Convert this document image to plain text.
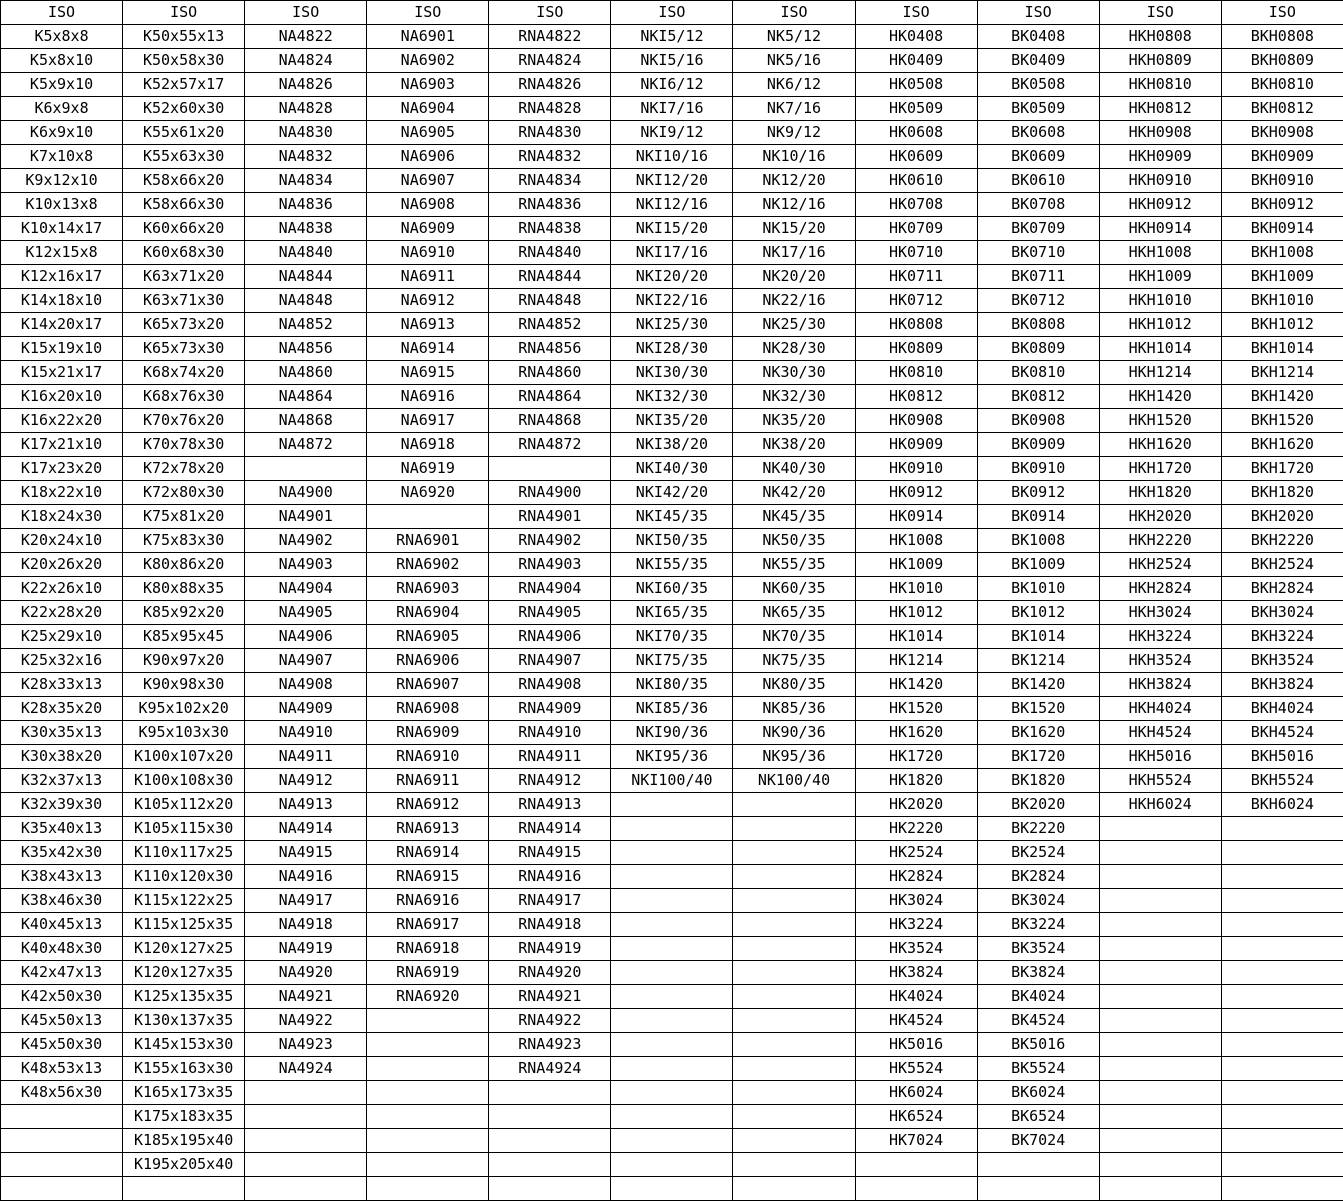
ISO	ISO	ISO	ISO	ISO	ISO	ISO	ISO	ISO	ISO	ISO
K5x8x8	K50x55x13	NA4822	NA6901	RNA4822	NKI5/12	NK5/12	HK0408	BK0408	HKH0808	BKH0808
K5x8x10	K50x58x30	NA4824	NA6902	RNA4824	NKI5/16	NK5/16	HK0409	BK0409	HKH0809	BKH0809
K5x9x10	K52x57x17	NA4826	NA6903	RNA4826	NKI6/12	NK6/12	HK0508	BK0508	HKH0810	BKH0810
K6x9x8	K52x60x30	NA4828	NA6904	RNA4828	NKI7/16	NK7/16	HK0509	BK0509	HKH0812	BKH0812
K6x9x10	K55x61x20	NA4830	NA6905	RNA4830	NKI9/12	NK9/12	HK0608	BK0608	HKH0908	BKH0908
K7x10x8	K55x63x30	NA4832	NA6906	RNA4832	NKI10/16	NK10/16	HK0609	BK0609	HKH0909	BKH0909
K9x12x10	K58x66x20	NA4834	NA6907	RNA4834	NKI12/20	NK12/20	HK0610	BK0610	HKH0910	BKH0910
K10x13x8	K58x66x30	NA4836	NA6908	RNA4836	NKI12/16	NK12/16	HK0708	BK0708	HKH0912	BKH0912
K10x14x17	K60x66x20	NA4838	NA6909	RNA4838	NKI15/20	NK15/20	HK0709	BK0709	HKH0914	BKH0914
K12x15x8	K60x68x30	NA4840	NA6910	RNA4840	NKI17/16	NK17/16	HK0710	BK0710	HKH1008	BKH1008
K12x16x17	K63x71x20	NA4844	NA6911	RNA4844	NKI20/20	NK20/20	HK0711	BK0711	HKH1009	BKH1009
K14x18x10	K63x71x30	NA4848	NA6912	RNA4848	NKI22/16	NK22/16	HK0712	BK0712	HKH1010	BKH1010
K14x20x17	K65x73x20	NA4852	NA6913	RNA4852	NKI25/30	NK25/30	HK0808	BK0808	HKH1012	BKH1012
K15x19x10	K65x73x30	NA4856	NA6914	RNA4856	NKI28/30	NK28/30	HK0809	BK0809	HKH1014	BKH1014
K15x21x17	K68x74x20	NA4860	NA6915	RNA4860	NKI30/30	NK30/30	HK0810	BK0810	HKH1214	BKH1214
K16x20x10	K68x76x30	NA4864	NA6916	RNA4864	NKI32/30	NK32/30	HK0812	BK0812	HKH1420	BKH1420
K16x22x20	K70x76x20	NA4868	NA6917	RNA4868	NKI35/20	NK35/20	HK0908	BK0908	HKH1520	BKH1520
K17x21x10	K70x78x30	NA4872	NA6918	RNA4872	NKI38/20	NK38/20	HK0909	BK0909	HKH1620	BKH1620
K17x23x20	K72x78x20		NA6919		NKI40/30	NK40/30	HK0910	BK0910	HKH1720	BKH1720
K18x22x10	K72x80x30	NA4900	NA6920	RNA4900	NKI42/20	NK42/20	HK0912	BK0912	HKH1820	BKH1820
K18x24x30	K75x81x20	NA4901		RNA4901	NKI45/35	NK45/35	HK0914	BK0914	HKH2020	BKH2020
K20x24x10	K75x83x30	NA4902	RNA6901	RNA4902	NKI50/35	NK50/35	HK1008	BK1008	HKH2220	BKH2220
K20x26x20	K80x86x20	NA4903	RNA6902	RNA4903	NKI55/35	NK55/35	HK1009	BK1009	HKH2524	BKH2524
K22x26x10	K80x88x35	NA4904	RNA6903	RNA4904	NKI60/35	NK60/35	HK1010	BK1010	HKH2824	BKH2824
K22x28x20	K85x92x20	NA4905	RNA6904	RNA4905	NKI65/35	NK65/35	HK1012	BK1012	HKH3024	BKH3024
K25x29x10	K85x95x45	NA4906	RNA6905	RNA4906	NKI70/35	NK70/35	HK1014	BK1014	HKH3224	BKH3224
K25x32x16	K90x97x20	NA4907	RNA6906	RNA4907	NKI75/35	NK75/35	HK1214	BK1214	HKH3524	BKH3524
K28x33x13	K90x98x30	NA4908	RNA6907	RNA4908	NKI80/35	NK80/35	HK1420	BK1420	HKH3824	BKH3824
K28x35x20	K95x102x20	NA4909	RNA6908	RNA4909	NKI85/36	NK85/36	HK1520	BK1520	HKH4024	BKH4024
K30x35x13	K95x103x30	NA4910	RNA6909	RNA4910	NKI90/36	NK90/36	HK1620	BK1620	HKH4524	BKH4524
K30x38x20	K100x107x20	NA4911	RNA6910	RNA4911	NKI95/36	NK95/36	HK1720	BK1720	HKH5016	BKH5016
K32x37x13	K100x108x30	NA4912	RNA6911	RNA4912	NKI100/40	NK100/40	HK1820	BK1820	HKH5524	BKH5524
K32x39x30	K105x112x20	NA4913	RNA6912	RNA4913			HK2020	BK2020	HKH6024	BKH6024
K35x40x13	K105x115x30	NA4914	RNA6913	RNA4914			HK2220	BK2220		
K35x42x30	K110x117x25	NA4915	RNA6914	RNA4915			HK2524	BK2524		
K38x43x13	K110x120x30	NA4916	RNA6915	RNA4916			HK2824	BK2824		
K38x46x30	K115x122x25	NA4917	RNA6916	RNA4917			HK3024	BK3024		
K40x45x13	K115x125x35	NA4918	RNA6917	RNA4918			HK3224	BK3224		
K40x48x30	K120x127x25	NA4919	RNA6918	RNA4919			HK3524	BK3524		
K42x47x13	K120x127x35	NA4920	RNA6919	RNA4920			HK3824	BK3824		
K42x50x30	K125x135x35	NA4921	RNA6920	RNA4921			HK4024	BK4024		
K45x50x13	K130x137x35	NA4922		RNA4922			HK4524	BK4524		
K45x50x30	K145x153x30	NA4923		RNA4923			HK5016	BK5016		
K48x53x13	K155x163x30	NA4924		RNA4924			HK5524	BK5524		
K48x56x30	K165x173x35						HK6024	BK6024		
	K175x183x35						HK6524	BK6524		
	K185x195x40						HK7024	BK7024		
	K195x205x40									
